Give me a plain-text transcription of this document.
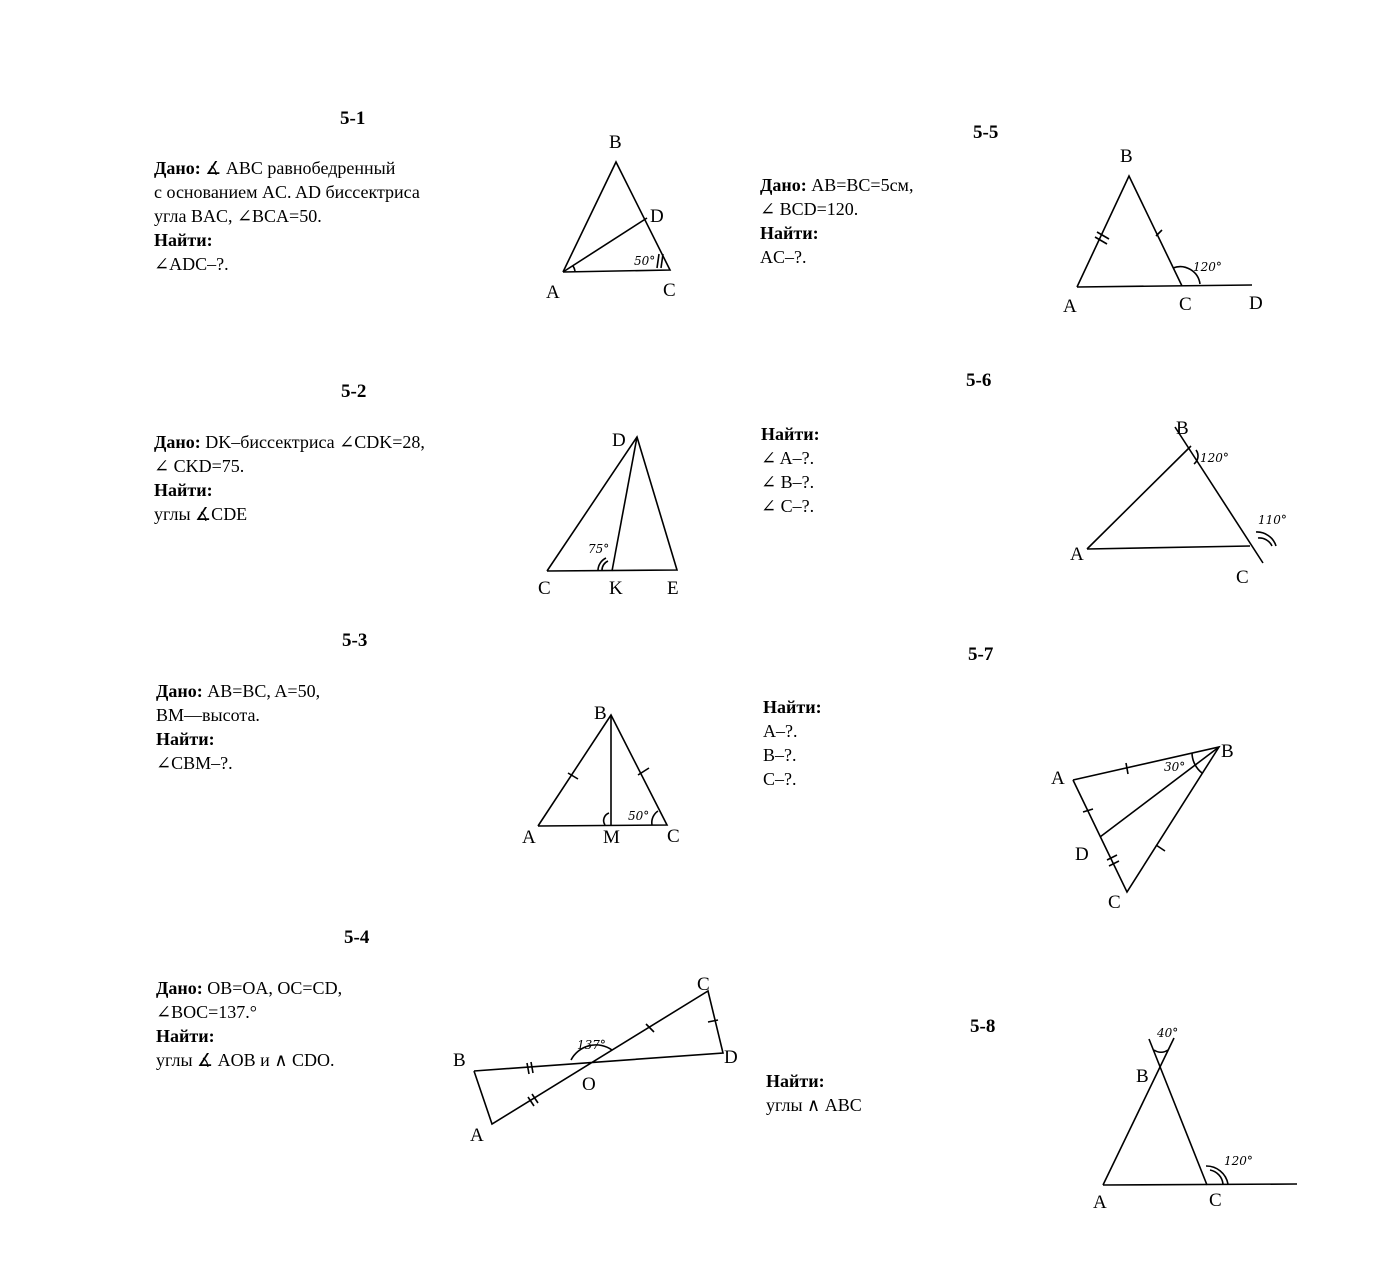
5-1
Дано: ∡ ABC равнобедренный
с основанием AC. AD биссектриса
угла BAC, ∠BCA=50.
Найти:
∠ADC–?.
5-2
Дано: DK–биссектриса ∠CDK=28,
∠ CKD=75.
Найти:
углы ∡CDE
5-3
Дано: AB=BC, A=50,
BM—высота.
Найти:
∠CBM–?.
5-4
Дано: OB=OA, OC=CD,
∠BOC=137.°
Найти:
углы ∡ AOB и ∧ CDO.
5-5
Дано: AB=BC=5см,
∠ BCD=120.
Найти:
AC–?.
5-6
Найти:
∠ A–?.
∠ B–?.
∠ C–?.
5-7
Найти:
A–?.
B–?.
C–?.
5-8
Найти:
углы ∧ ABC
B
D
A	C
50°
D
C	K E
75°
B
A	M C
50°
C
B	D
O
A
137°
B
A	C	D
120°
B
A
C
120°
110°
B
A
D
C
30°
B
A	C
40°
120°
